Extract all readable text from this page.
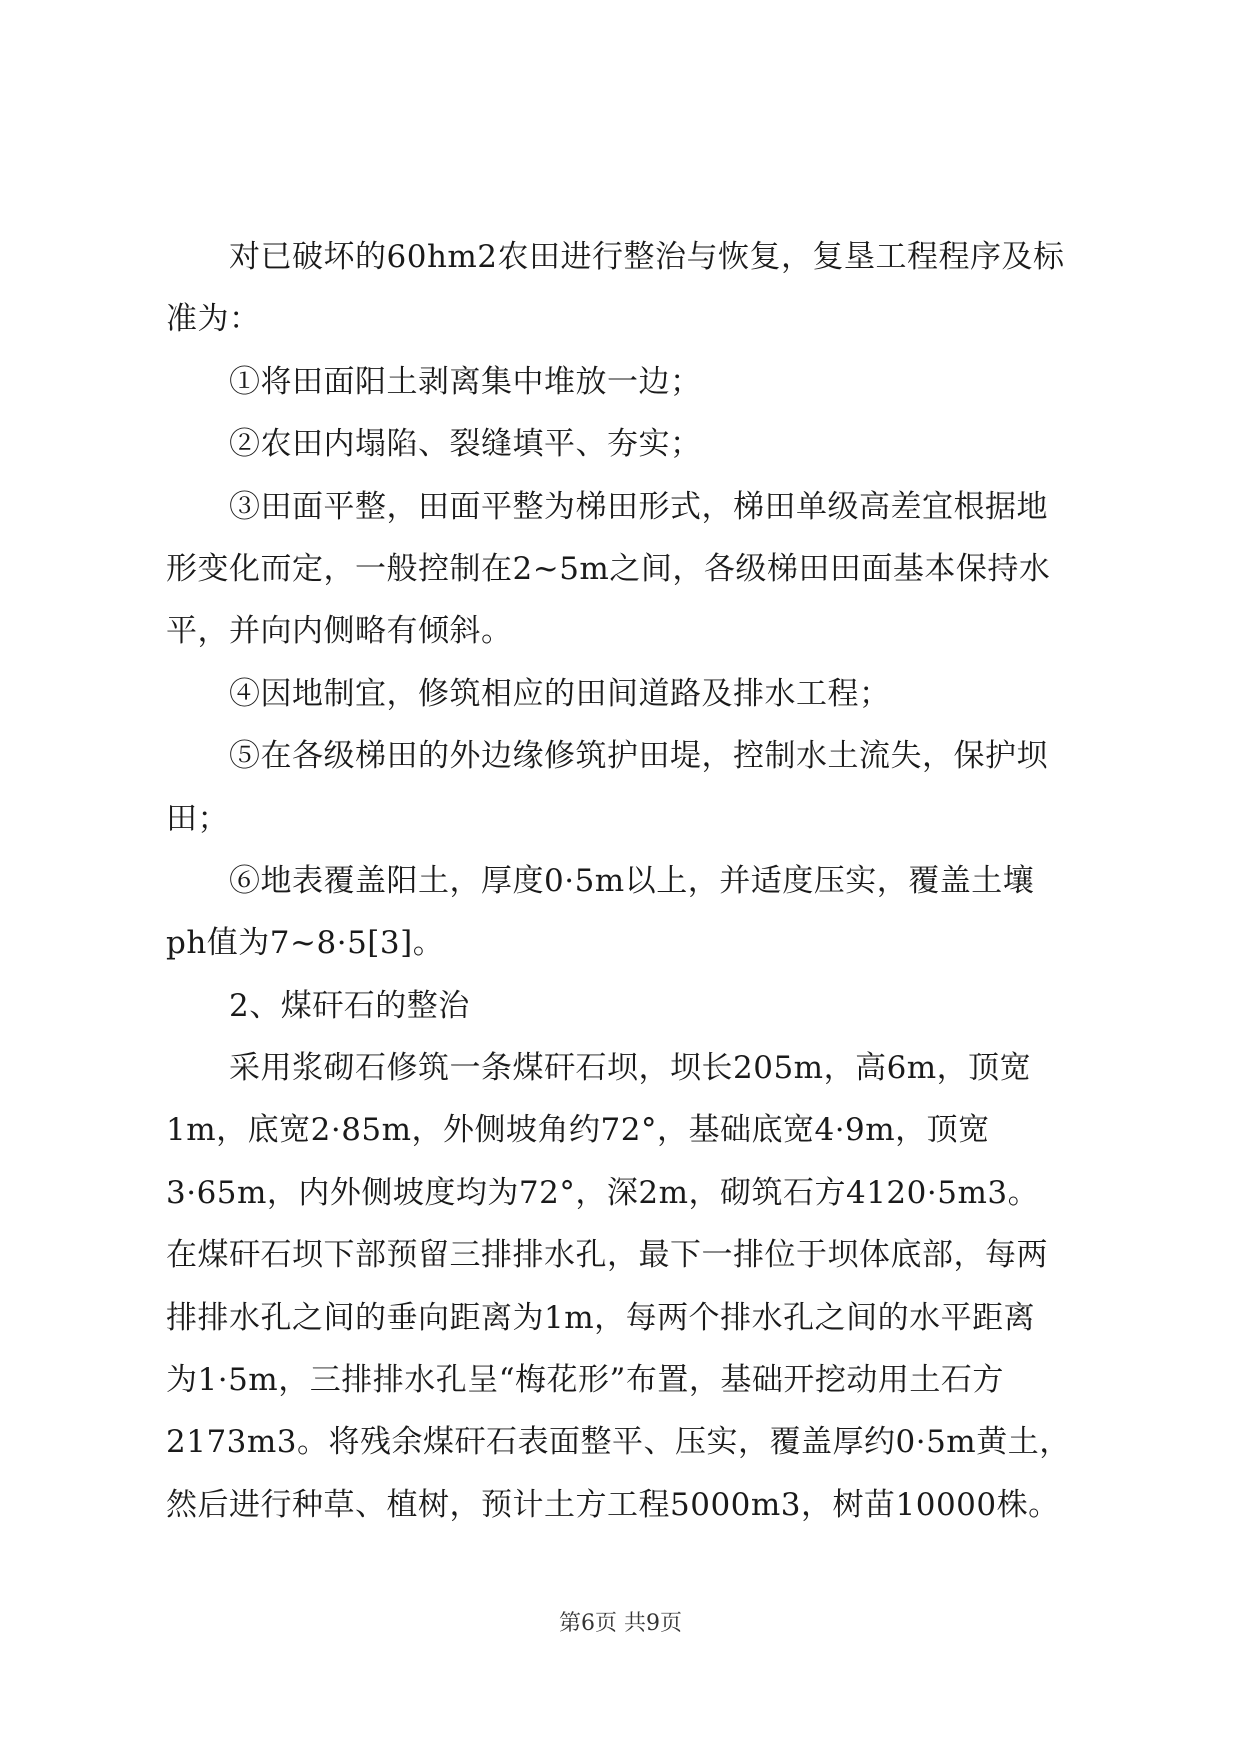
　　对已破坏的60hm2农田进行整治与恢复，复垦工程程序及标
准为：
　　①将田面阳土剥离集中堆放一边；
　　②农田内塌陷、裂缝填平、夯实；
　　③田面平整，田面平整为梯田形式，梯田单级高差宜根据地
形变化而定，一般控制在2~5m之间，各级梯田田面基本保持水
平，并向内侧略有倾斜。
　　④因地制宜，修筑相应的田间道路及排水工程；
　　⑤在各级梯田的外边缘修筑护田堤，控制水土流失，保护坝
田；
　　⑥地表覆盖阳土，厚度0·5m以上，并适度压实，覆盖土壤
ph值为7~8·5[3]。
　　2、煤矸石的整治
　　采用浆砌石修筑一条煤矸石坝，坝长205m，高6m，顶宽
1m，底宽2·85m，外侧坡角约72°，基础底宽4·9m，顶宽
3·65m，内外侧坡度均为72°，深2m，砌筑石方4120·5m3。
在煤矸石坝下部预留三排排水孔，最下一排位于坝体底部，每两
排排水孔之间的垂向距离为1m，每两个排水孔之间的水平距离
为1·5m，三排排水孔呈“梅花形”布置，基础开挖动用土石方
2173m3。将残余煤矸石表面整平、压实，覆盖厚约0·5m黄土，
然后进行种草、植树，预计土方工程5000m3，树苗10000株。
第6页 共9页
